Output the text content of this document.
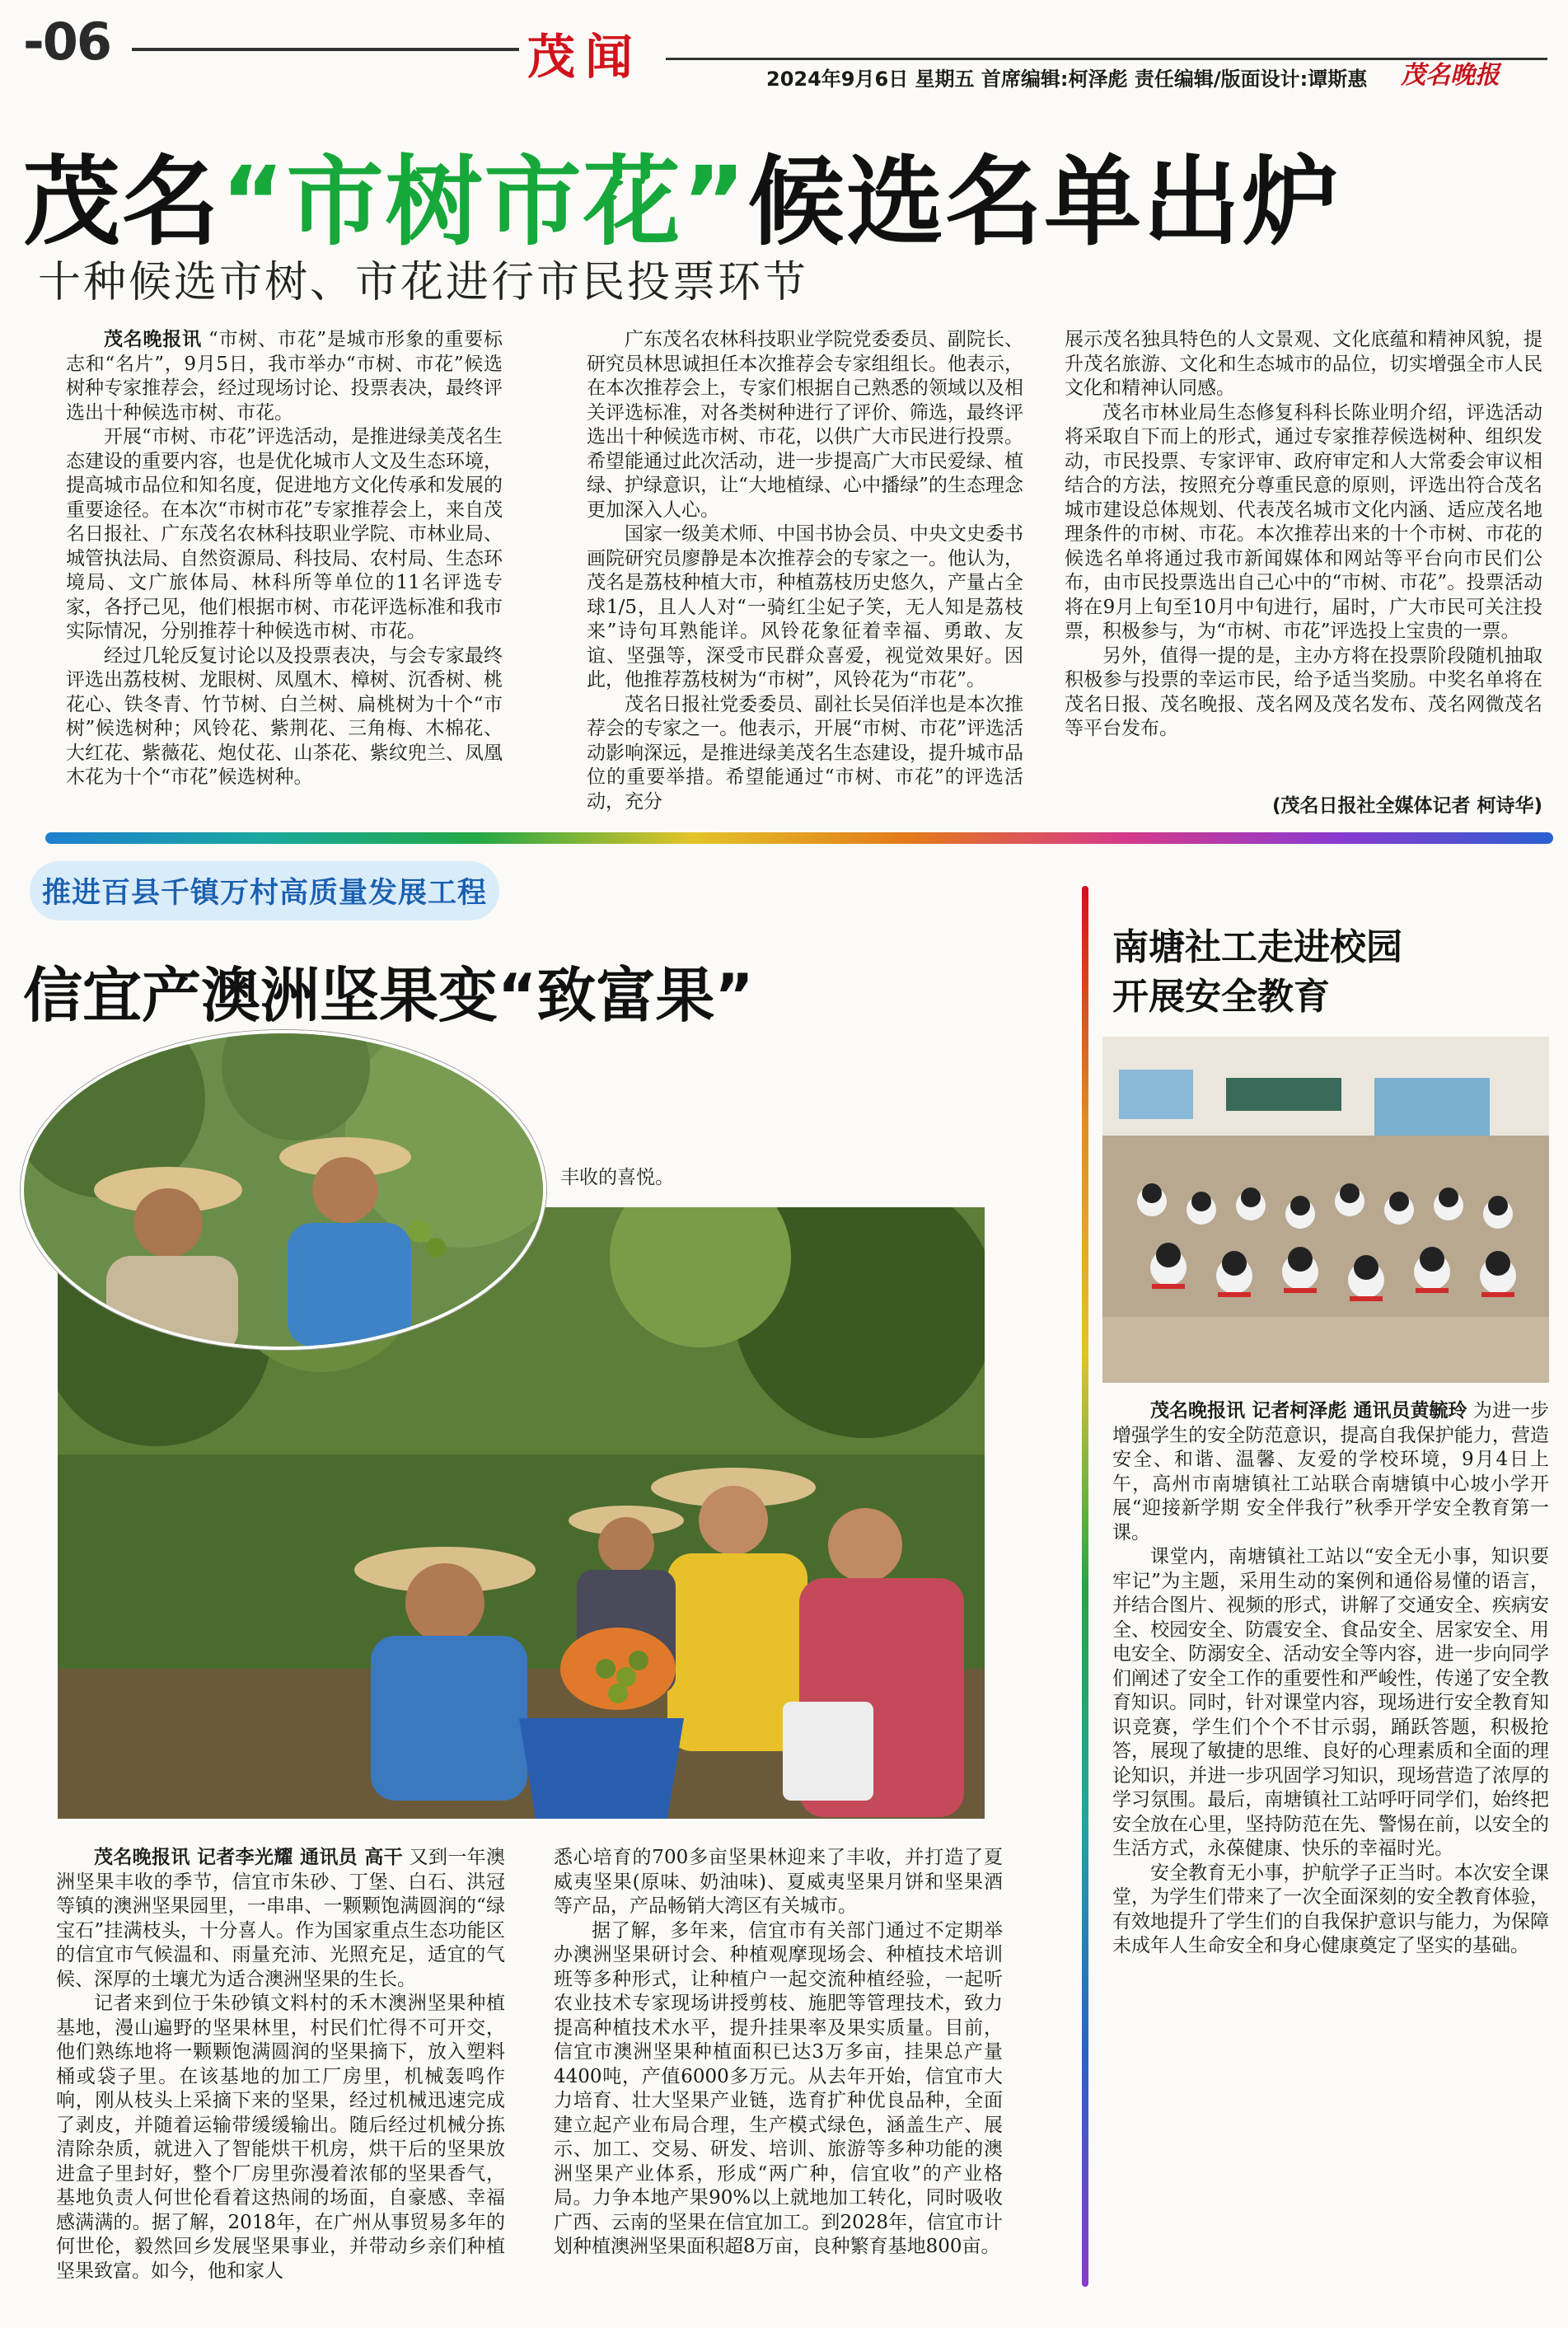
-06	茂闻	2024年9月6日 星期五 首席编辑:柯泽彪 责任编辑/版面设计:谭斯惠 茂名晚报
茂名“市树市花”候选名单出炉
十种候选市树、市花进行市民投票环节

茂名晚报讯 “市树、市花”是城市形象的重要标志和“名片”，9月5日，我市举办“市树、市花”候选树种专家推荐会，经过现场讨论、投票表决，最终评选出十种候选市树、市花。

开展“市树、市花”评选活动，是推进绿美茂名生态建设的重要内容，也是优化城市人文及生态环境，提高城市品位和知名度，促进地方文化传承和发展的重要途径。在本次“市树市花”专家推荐会上，来自茂名日报社、广东茂名农林科技职业学院、市林业局、城管执法局、自然资源局、科技局、农村局、生态环境局、文广旅体局、林科所等单位的11名评选专家，各抒己见，他们根据市树、市花评选标准和我市实际情况，分别推荐十种候选市树、市花。

经过几轮反复讨论以及投票表决，与会专家最终评选出荔枝树、龙眼树、凤凰木、樟树、沉香树、桃花心、铁冬青、竹节树、白兰树、扁桃树为十个“市树”候选树种；风铃花、紫荆花、三角梅、木棉花、大红花、紫薇花、炮仗花、山茶花、紫纹兜兰、凤凰木花为十个“市花”候选树种。

广东茂名农林科技职业学院党委委员、副院长、研究员林思诚担任本次推荐会专家组组长。他表示，在本次推荐会上，专家们根据自己熟悉的领域以及相关评选标准，对各类树种进行了评价、筛选，最终评选出十种候选市树、市花，以供广大市民进行投票。希望能通过此次活动，进一步提高广大市民爱绿、植绿、护绿意识，让“大地植绿、心中播绿”的生态理念更加深入人心。

国家一级美术师、中国书协会员、中央文史委书画院研究员廖静是本次推荐会的专家之一。他认为，茂名是荔枝种植大市，种植荔枝历史悠久，产量占全球1/5，且人人对“一骑红尘妃子笑，无人知是荔枝来”诗句耳熟能详。风铃花象征着幸福、勇敢、友谊、坚强等，深受市民群众喜爱，视觉效果好。因此，他推荐荔枝树为“市树”，风铃花为“市花”。

茂名日报社党委委员、副社长吴佰洋也是本次推荐会的专家之一。他表示，开展“市树、市花”评选活动影响深远，是推进绿美茂名生态建设，提升城市品位的重要举措。希望能通过“市树、市花”的评选活动，充分

展示茂名独具特色的人文景观、文化底蕴和精神风貌，提升茂名旅游、文化和生态城市的品位，切实增强全市人民文化和精神认同感。

茂名市林业局生态修复科科长陈业明介绍，评选活动将采取自下而上的形式，通过专家推荐候选树种、组织发动，市民投票、专家评审、政府审定和人大常委会审议相结合的方法，按照充分尊重民意的原则，评选出符合茂名城市建设总体规划、代表茂名城市文化内涵、适应茂名地理条件的市树、市花。本次推荐出来的十个市树、市花的候选名单将通过我市新闻媒体和网站等平台向市民们公布，由市民投票选出自己心中的“市树、市花”。投票活动将在9月上旬至10月中旬进行，届时，广大市民可关注投票，积极参与，为“市树、市花”评选投上宝贵的一票。

另外，值得一提的是，主办方将在投票阶段随机抽取积极参与投票的幸运市民，给予适当奖励。中奖名单将在茂名日报、茂名晚报、茂名网及茂名发布、茂名网微茂名等平台发布。

(茂名日报社全媒体记者 柯诗华)
推进百县千镇万村高质量发展工程
信宜产澳洲坚果变“致富果”
丰收的喜悦。

茂名晚报讯 记者李光耀 通讯员 高干 又到一年澳洲坚果丰收的季节，信宜市朱砂、丁堡、白石、洪冠等镇的澳洲坚果园里，一串串、一颗颗饱满圆润的“绿宝石”挂满枝头，十分喜人。作为国家重点生态功能区的信宜市气候温和、雨量充沛、光照充足，适宜的气候、深厚的土壤尤为适合澳洲坚果的生长。

记者来到位于朱砂镇文料村的禾木澳洲坚果种植基地，漫山遍野的坚果林里，村民们忙得不可开交，他们熟练地将一颗颗饱满圆润的坚果摘下，放入塑料桶或袋子里。在该基地的加工厂房里，机械轰鸣作响，刚从枝头上采摘下来的坚果，经过机械迅速完成了剥皮，并随着运输带缓缓输出。随后经过机械分拣清除杂质，就进入了智能烘干机房，烘干后的坚果放进盒子里封好，整个厂房里弥漫着浓郁的坚果香气，基地负责人何世伦看着这热闹的场面，自豪感、幸福感满满的。据了解，2018年，在广州从事贸易多年的何世伦，毅然回乡发展坚果事业，并带动乡亲们种植坚果致富。如今，他和家人

悉心培育的700多亩坚果林迎来了丰收，并打造了夏威夷坚果(原味、奶油味)、夏威夷坚果月饼和坚果酒等产品，产品畅销大湾区有关城市。

据了解，多年来，信宜市有关部门通过不定期举办澳洲坚果研讨会、种植观摩现场会、种植技术培训班等多种形式，让种植户一起交流种植经验，一起听农业技术专家现场讲授剪枝、施肥等管理技术，致力提高种植技术水平，提升挂果率及果实质量。目前，信宜市澳洲坚果种植面积已达3万多亩，挂果总产量4400吨，产值6000多万元。从去年开始，信宜市大力培育、壮大坚果产业链，选育扩种优良品种，全面建立起产业布局合理，生产模式绿色，涵盖生产、展示、加工、交易、研发、培训、旅游等多种功能的澳洲坚果产业体系，形成“两广种，信宜收”的产业格局。力争本地产果90%以上就地加工转化，同时吸收广西、云南的坚果在信宜加工。到2028年，信宜市计划种植澳洲坚果面积超8万亩，良种繁育基地800亩。

南塘社工走进校园
开展安全教育

茂名晚报讯 记者柯泽彪 通讯员黄毓玲 为进一步增强学生的安全防范意识，提高自我保护能力，营造安全、和谐、温馨、友爱的学校环境，9月4日上午，高州市南塘镇社工站联合南塘镇中心坡小学开展“迎接新学期 安全伴我行”秋季开学安全教育第一课。

课堂内，南塘镇社工站以“安全无小事，知识要牢记”为主题，采用生动的案例和通俗易懂的语言，并结合图片、视频的形式，讲解了交通安全、疾病安全、校园安全、防震安全、食品安全、居家安全、用电安全、防溺安全、活动安全等内容，进一步向同学们阐述了安全工作的重要性和严峻性，传递了安全教育知识。同时，针对课堂内容，现场进行安全教育知识竞赛，学生们个个不甘示弱，踊跃答题，积极抢答，展现了敏捷的思维、良好的心理素质和全面的理论知识，并进一步巩固学习知识，现场营造了浓厚的学习氛围。最后，南塘镇社工站呼吁同学们，始终把安全放在心里，坚持防范在先、警惕在前，以安全的生活方式，永葆健康、快乐的幸福时光。

安全教育无小事，护航学子正当时。本次安全课堂，为学生们带来了一次全面深刻的安全教育体验，有效地提升了学生们的自我保护意识与能力，为保障未成年人生命安全和身心健康奠定了坚实的基础。
